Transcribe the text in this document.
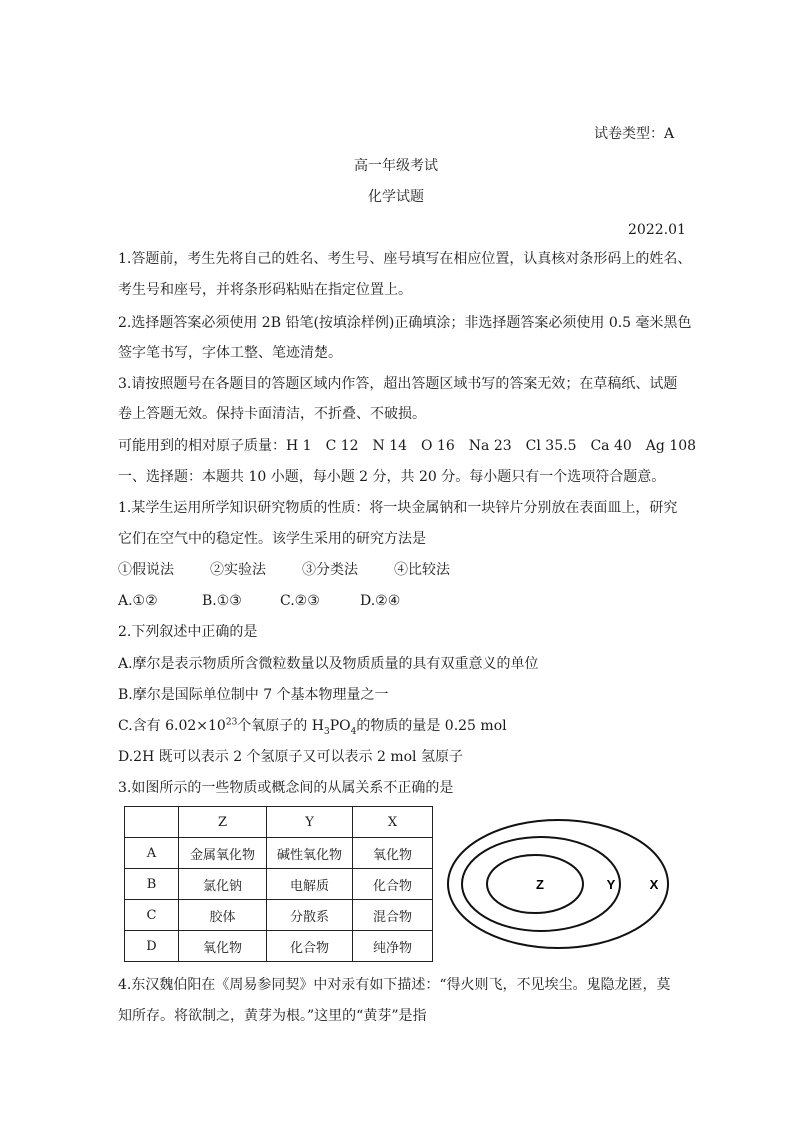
试卷类型：A
高一年级考试
化学试题
2022.01
1.答题前，考生先将自己的姓名、考生号、座号填写在相应位置，认真核对条形码上的姓名、
考生号和座号，并将条形码粘贴在指定位置上。
2.选择题答案必须使用 2B 铅笔(按填涂样例)正确填涂；非选择题答案必须使用 0.5 毫米黑色
签字笔书写，字体工整、笔迹清楚。
3.请按照题号在各题目的答题区域内作答，超出答题区域书写的答案无效；在草稿纸、试题
卷上答题无效。保持卡面清洁，不折叠、不破损。
可能用到的相对原子质量：H 1　C 12　N 14　O 16　Na 23　Cl 35.5　Ca 40　Ag 108
一、选择题：本题共 10 小题，每小题 2 分，共 20 分。每小题只有一个选项符合题意。
1.某学生运用所学知识研究物质的性质：将一块金属钠和一块锌片分别放在表面皿上，研究
它们在空气中的稳定性。该学生采用的研究方法是
①假说法	②实验法	③分类法	④比较法
A.①②	B.①③	C.②③	D.②④
2.下列叙述中正确的是
A.摩尔是表示物质所含微粒数量以及物质质量的具有双重意义的单位
B.摩尔是国际单位制中 7 个基本物理量之一
C.含有 $6.02\times 10^{23}$个氧原子的 $H_3PO_4$的物质的量是 0.25 mol
D.2H 既可以表示 2 个氢原子又可以表示 2 mol 氢原子
3.如图所示的一些物质或概念间的从属关系不正确的是
	Z	Y	X
A	金属氧化物	碱性氧化物	氧化物
B	氯化钠	电解质	化合物
C	胶体	分散系	混合物
D	氧化物	化合物	纯净物
Z	Y	X
4.东汉魏伯阳在《周易参同契》中对汞有如下描述：“得火则飞，不见埃尘。鬼隐龙匿，莫
知所存。将欲制之，黄芽为根。”这里的“黄芽”是指
